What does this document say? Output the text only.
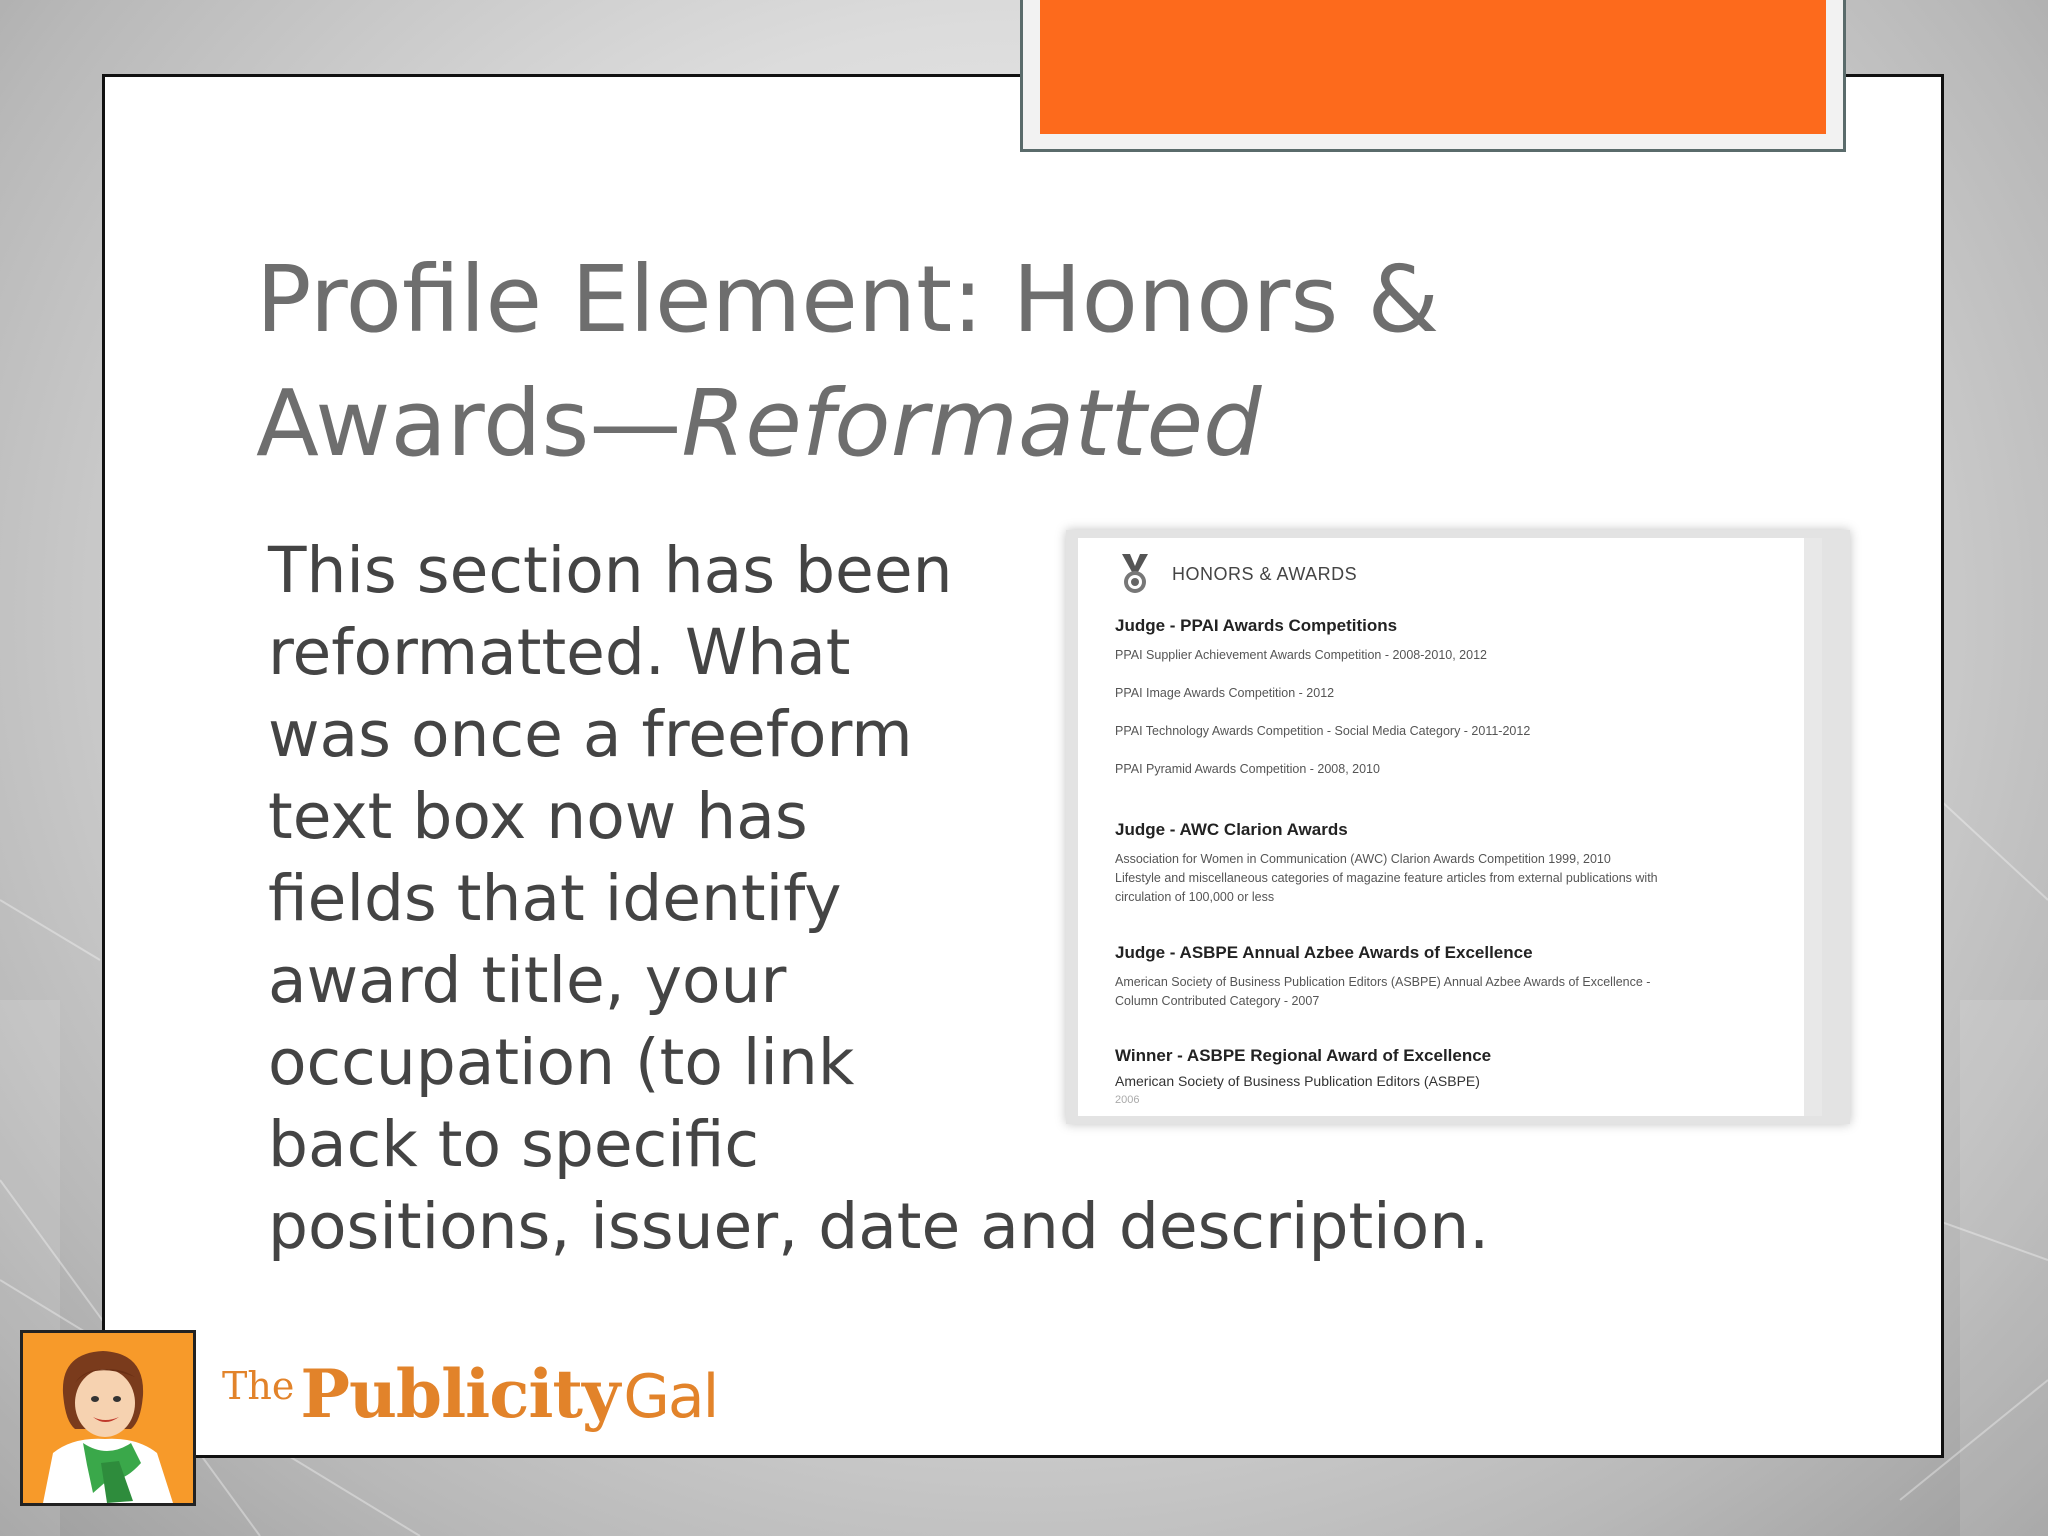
Profile Element: Honors & Awards—Reformatted
This section has been
reformatted. What
was once a freeform
text box now has
fields that identify
award title, your
occupation (to link
back to specific
positions, issuer, date and description.
HONORS & AWARDS

Judge - PPAI Awards Competitions

PPAI Supplier Achievement Awards Competition - 2008-2010, 2012
PPAI Image Awards Competition - 2012
PPAI Technology Awards Competition - Social Media Category - 2011-2012
PPAI Pyramid Awards Competition - 2008, 2010

Judge - AWC Clarion Awards

Association for Women in Communication (AWC) Clarion Awards Competition 1999, 2010
Lifestyle and miscellaneous categories of magazine feature articles from external publications with
circulation of 100,000 or less

Judge - ASBPE Annual Azbee Awards of Excellence

American Society of Business Publication Editors (ASBPE) Annual Azbee Awards of Excellence -
Column Contributed Category - 2007

Winner - ASBPE Regional Award of Excellence

American Society of Business Publication Editors (ASBPE)
2006
The Publicity Gal
